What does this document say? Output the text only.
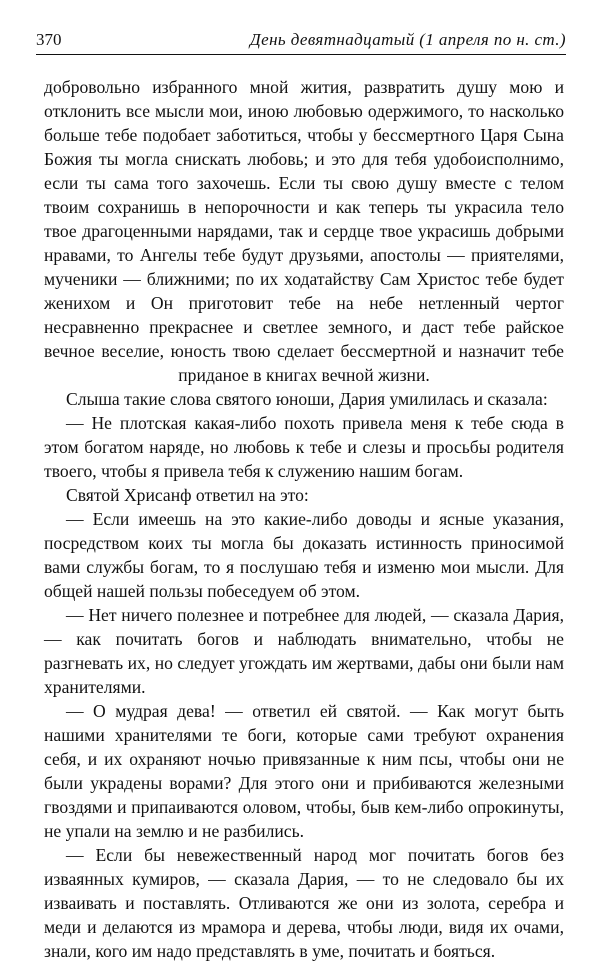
370	День девятнадцатый (1 апреля по н. ст.)

добровольно избранного мной жития, развратить душу мою и отклонить все мысли мои, иною любовью одержимого, то насколько больше тебе подобает заботиться, чтобы у бессмертного Царя Сына Божия ты могла снискать любовь; и это для тебя удобоисполнимо, если ты сама того захочешь. Если ты свою душу вместе с телом твоим сохранишь в непорочности и как теперь ты украсила тело твое драгоценными нарядами, так и сердце твое украсишь добрыми нравами, то Ангелы тебе будут друзьями, апостолы — приятелями, мученики — ближними; по их ходатайству Сам Христос тебе будет женихом и Он приготовит тебе на небе нетленный чертог несравненно прекраснее и светлее земного, и даст тебе райское вечное веселие, юность твою сделает бессмертной и назначит тебе приданое в книгах вечной жизни.

Слыша такие слова святого юноши, Дария умилилась и сказала:

— Не плотская какая-либо похоть привела меня к тебе сюда в этом богатом наряде, но любовь к тебе и слезы и просьбы родителя твоего, чтобы я привела тебя к служению нашим богам.

Святой Хрисанф ответил на это:

— Если имеешь на это какие-либо доводы и ясные указания, посредством коих ты могла бы доказать истинность приносимой вами службы богам, то я послушаю тебя и изменю мои мысли. Для общей нашей пользы побеседуем об этом.

— Нет ничего полезнее и потребнее для людей, — сказала Дария, — как почитать богов и наблюдать внимательно, чтобы не разгневать их, но следует угождать им жертвами, дабы они были нам хранителями.

— О мудрая дева! — ответил ей святой. — Как могут быть нашими хранителями те боги, которые сами требуют охранения себя, и их охраняют ночью привязанные к ним псы, чтобы они не были украдены ворами? Для этого они и прибиваются железными гвоздями и припаиваются оловом, чтобы, быв кем-либо опрокинуты, не упали на землю и не разбились.

— Если бы невежественный народ мог почитать богов без изваянных кумиров, — сказала Дария, — то не следовало бы их изваивать и поставлять. Отливаются же они из золота, серебра и меди и делаются из мрамора и дерева, чтобы люди, видя их очами, знали, кого им надо представлять в уме, почитать и бояться.
